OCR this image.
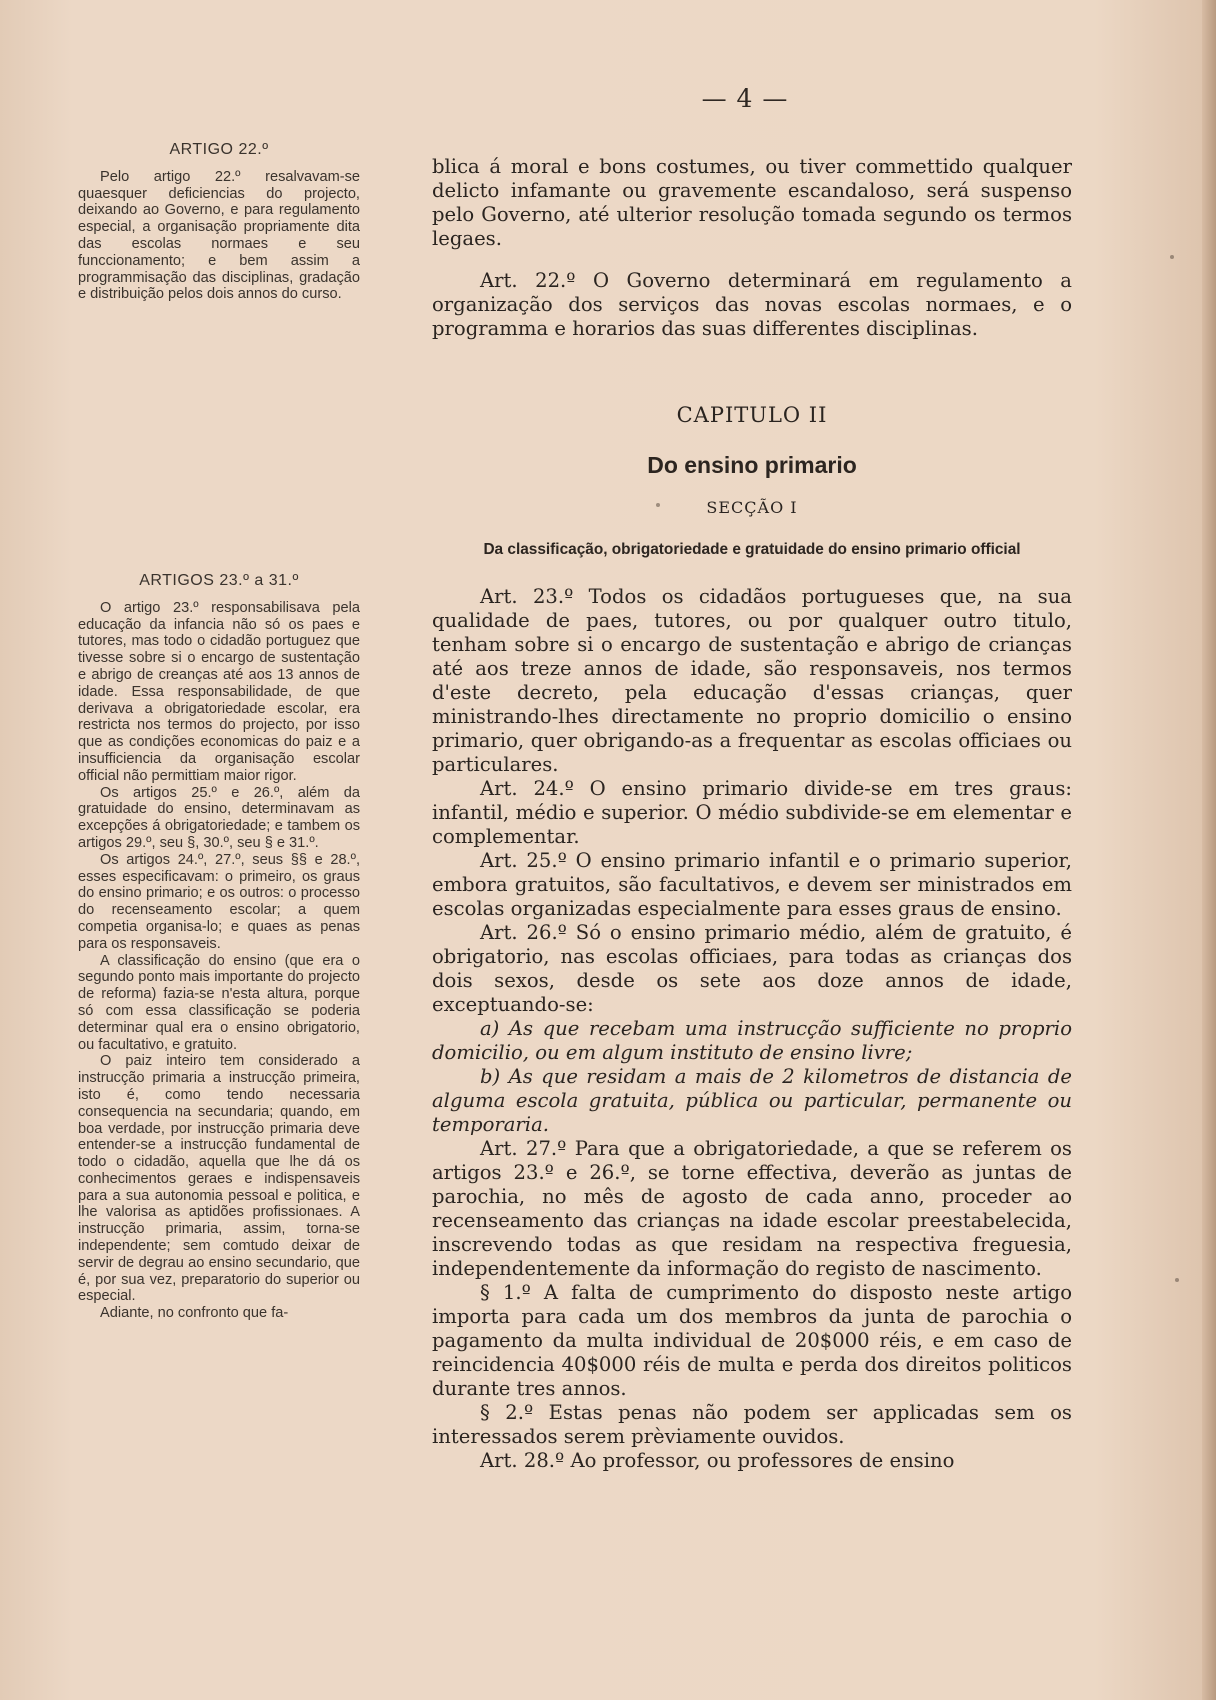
— 4 —
ARTIGO 22.º

Pelo artigo 22.º resalvavam-se quaesquer deficiencias do projecto, deixando ao Governo, e para regulamento especial, a organisação propriamente dita das escolas normaes e seu funccionamento; e bem assim a programmisação das disciplinas, gradação e distribuição pelos dois annos do curso.

ARTIGOS 23.º a 31.º

O artigo 23.º responsabilisava pela educação da infancia não só os paes e tutores, mas todo o cidadão portuguez que tivesse sobre si o encargo de sustentação e abrigo de creanças até aos 13 annos de idade. Essa responsabilidade, de que derivava a obrigatoriedade escolar, era restricta nos termos do projecto, por isso que as condições economicas do paiz e a insufficiencia da organisação escolar official não permittiam maior rigor.

Os artigos 25.º e 26.º, além da gratuidade do ensino, determinavam as excepções á obrigatoriedade; e tambem os artigos 29.º, seu §, 30.º, seu § e 31.º.

Os artigos 24.º, 27.º, seus §§ e 28.º, esses especificavam: o primeiro, os graus do ensino primario; e os outros: o processo do recenseamento escolar; a quem competia organisa-lo; e quaes as penas para os responsaveis.

A classificação do ensino (que era o segundo ponto mais importante do projecto de reforma) fazia-se n'esta altura, porque só com essa classificação se poderia determinar qual era o ensino obrigatorio, ou facultativo, e gratuito.

O paiz inteiro tem considerado a instrucção primaria a instrucção primeira, isto é, como tendo necessaria consequencia na secundaria; quando, em boa verdade, por instrucção primaria deve entender-se a instrucção fundamental de todo o cidadão, aquella que lhe dá os conhecimentos geraes e indispensaveis para a sua autonomia pessoal e politica, e lhe valorisa as aptidões profissionaes. A instrucção primaria, assim, torna-se independente; sem comtudo deixar de servir de degrau ao ensino secundario, que é, por sua vez, preparatorio do superior ou especial.

Adiante, no confronto que fa-

blica á moral e bons costumes, ou tiver commettido qualquer delicto infamante ou gravemente escandaloso, será suspenso pelo Governo, até ulterior resolução tomada segundo os termos legaes.

Art. 22.º O Governo determinará em regulamento a organização dos serviços das novas escolas normaes, e o programma e horarios das suas differentes disciplinas.

CAPITULO II
Do ensino primario
SECÇÃO I
Da classificação, obrigatoriedade e gratuidade do ensino primario official

Art. 23.º Todos os cidadãos portugueses que, na sua qualidade de paes, tutores, ou por qualquer outro titulo, tenham sobre si o encargo de sustentação e abrigo de crianças até aos treze annos de idade, são responsaveis, nos termos d'este decreto, pela educação d'essas crianças, quer ministrando-lhes directamente no proprio domicilio o ensino primario, quer obrigando-as a frequentar as escolas officiaes ou particulares.

Art. 24.º O ensino primario divide-se em tres graus: infantil, médio e superior. O médio subdivide-se em elementar e complementar.

Art. 25.º O ensino primario infantil e o primario superior, embora gratuitos, são facultativos, e devem ser ministrados em escolas organizadas especialmente para esses graus de ensino.

Art. 26.º Só o ensino primario médio, além de gratuito, é obrigatorio, nas escolas officiaes, para todas as crianças dos dois sexos, desde os sete aos doze annos de idade, exceptuando-se:

a) As que recebam uma instrucção sufficiente no proprio domicilio, ou em algum instituto de ensino livre;

b) As que residam a mais de 2 kilometros de distancia de alguma escola gratuita, pública ou particular, permanente ou temporaria.

Art. 27.º Para que a obrigatoriedade, a que se referem os artigos 23.º e 26.º, se torne effectiva, deverão as juntas de parochia, no mês de agosto de cada anno, proceder ao recenseamento das crianças na idade escolar preestabelecida, inscrevendo todas as que residam na respectiva freguesia, independentemente da informação do registo de nascimento.

§ 1.º A falta de cumprimento do disposto neste artigo importa para cada um dos membros da junta de parochia o pagamento da multa individual de 20$000 réis, e em caso de reincidencia 40$000 réis de multa e perda dos direitos politicos durante tres annos.

§ 2.º Estas penas não podem ser applicadas sem os interessados serem prèviamente ouvidos.

Art. 28.º Ao professor, ou professores de ensino
